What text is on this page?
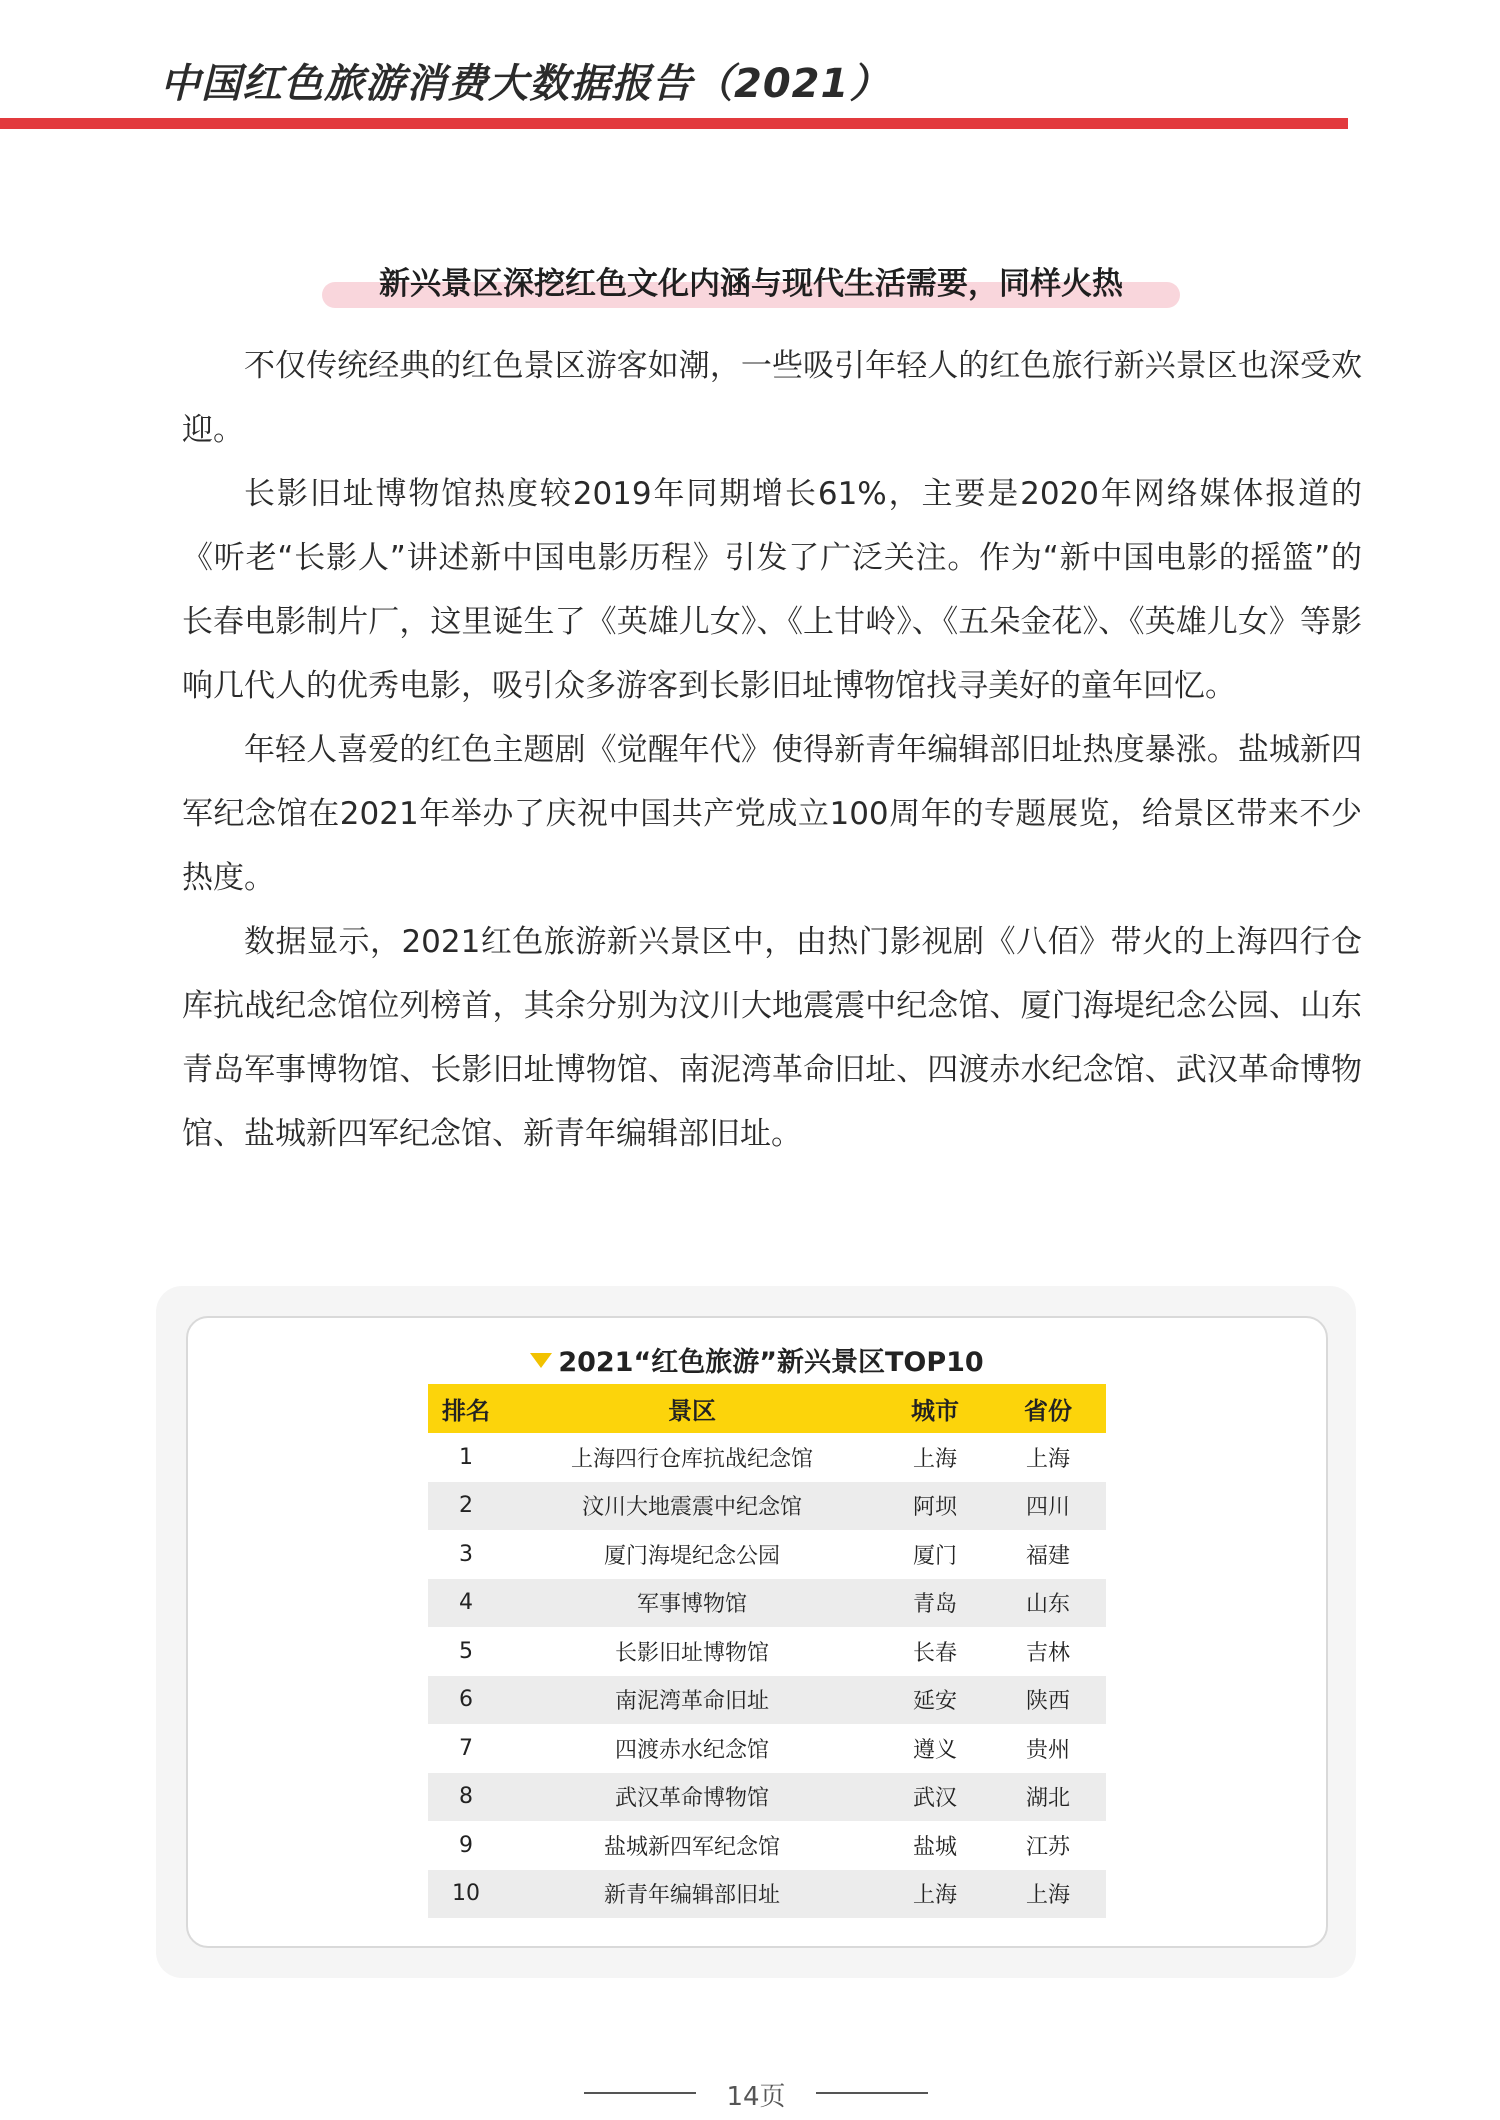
中国红色旅游消费大数据报告（2021）
新兴景区深挖红色文化内涵与现代生活需要，同样火热

不仅传统经典的红色景区游客如潮，一些吸引年轻人的红色旅行新兴景区也深受欢迎。

长影旧址博物馆热度较2019年同期增长61%，主要是2020年网络媒体报道的《听老“长影人”讲述新中国电影历程》引发了广泛关注。作为“新中国电影的摇篮”的长春电影制片厂，这里诞生了《英雄儿女》、《上甘岭》、《五朵金花》、《英雄儿女》等影响几代人的优秀电影，吸引众多游客到长影旧址博物馆找寻美好的童年回忆。

年轻人喜爱的红色主题剧《觉醒年代》使得新青年编辑部旧址热度暴涨。盐城新四军纪念馆在2021年举办了庆祝中国共产党成立100周年的专题展览，给景区带来不少热度。

数据显示，2021红色旅游新兴景区中，由热门影视剧《八佰》带火的上海四行仓库抗战纪念馆位列榜首，其余分别为汶川大地震震中纪念馆、厦门海堤纪念公园、山东青岛军事博物馆、长影旧址博物馆、南泥湾革命旧址、四渡赤水纪念馆、武汉革命博物馆、盐城新四军纪念馆、新青年编辑部旧址。

2021“红色旅游”新兴景区TOP10
排名	景区	城市	省份
1	上海四行仓库抗战纪念馆	上海	上海
2	汶川大地震震中纪念馆	阿坝	四川
3	厦门海堤纪念公园	厦门	福建
4	军事博物馆	青岛	山东
5	长影旧址博物馆	长春	吉林
6	南泥湾革命旧址	延安	陕西
7	四渡赤水纪念馆	遵义	贵州
8	武汉革命博物馆	武汉	湖北
9	盐城新四军纪念馆	盐城	江苏
10	新青年编辑部旧址	上海	上海
14页
